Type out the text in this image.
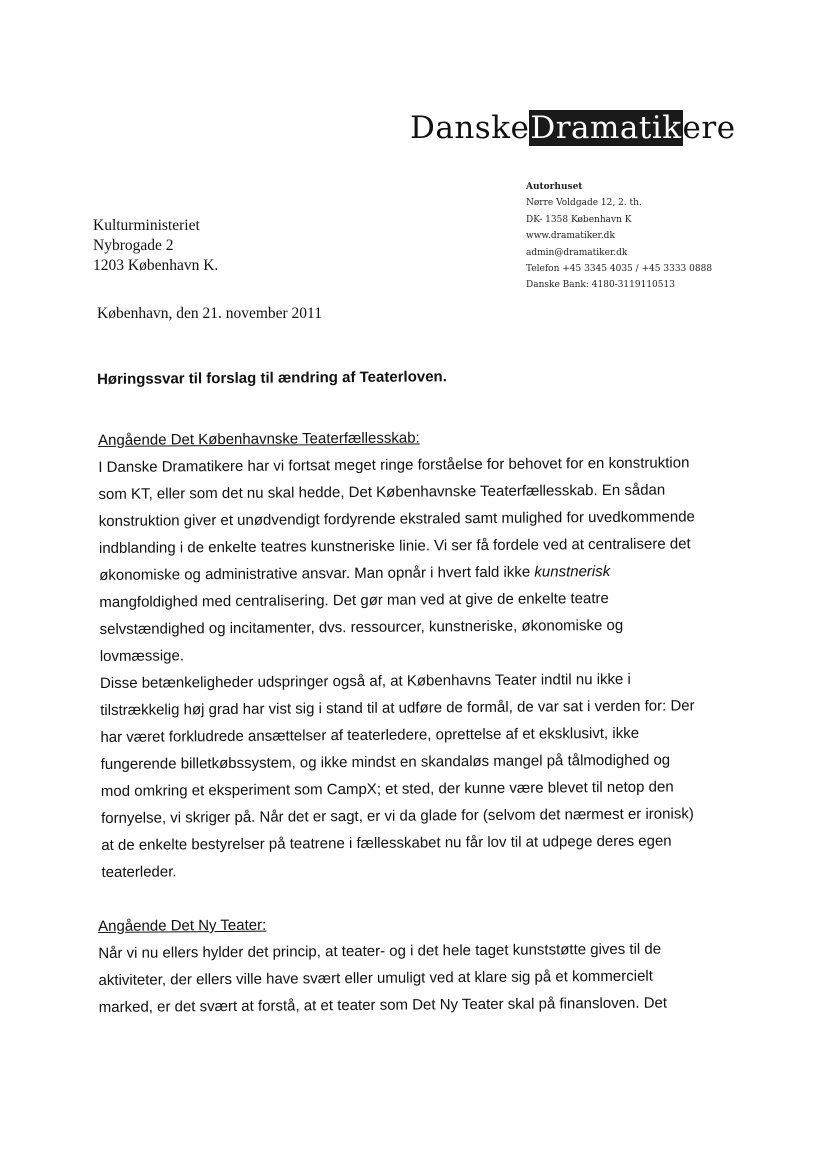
DanskeDramatikere
Autorhuset
Nørre Voldgade 12, 2. th.
DK- 1358 København K
www.dramatiker.dk
admin@dramatiker.dk
Telefon +45 3345 4035 / +45 3333 0888
Danske Bank: 4180-3119110513
Kulturministeriet
Nybrogade 2
1203 København K.
København, den 21. november 2011
Høringssvar til forslag til ændring af Teaterloven.
Angående Det Københavnske Teaterfællesskab:

I Danske Dramatikere har vi fortsat meget ringe forståelse for behovet for en konstruktion
som KT, eller som det nu skal hedde, Det Københavnske Teaterfællesskab. En sådan
konstruktion giver et unødvendigt fordyrende ekstraled samt mulighed for uvedkommende
indblanding i de enkelte teatres kunstneriske linie. Vi ser få fordele ved at centralisere det
økonomiske og administrative ansvar. Man opnår i hvert fald ikke kunstnerisk
mangfoldighed med centralisering. Det gør man ved at give de enkelte teatre
selvstændighed og incitamenter, dvs. ressourcer, kunstneriske, økonomiske og
lovmæssige.
Disse betænkeligheder udspringer også af, at Københavns Teater indtil nu ikke i
tilstrækkelig høj grad har vist sig i stand til at udføre de formål, de var sat i verden for: Der
har været forkludrede ansættelser af teaterledere, oprettelse af et eksklusivt, ikke
fungerende billetkøbssystem, og ikke mindst en skandaløs mangel på tålmodighed og
mod omkring et eksperiment som CampX; et sted, der kunne være blevet til netop den
fornyelse, vi skriger på. Når det er sagt, er vi da glade for (selvom det nærmest er ironisk)
at de enkelte bestyrelser på teatrene i fællesskabet nu får lov til at udpege deres egen
teaterleder.

Angående Det Ny Teater:

Når vi nu ellers hylder det princip, at teater- og i det hele taget kunststøtte gives til de
aktiviteter, der ellers ville have svært eller umuligt ved at klare sig på et kommercielt
marked, er det svært at forstå, at et teater som Det Ny Teater skal på finansloven. Det
